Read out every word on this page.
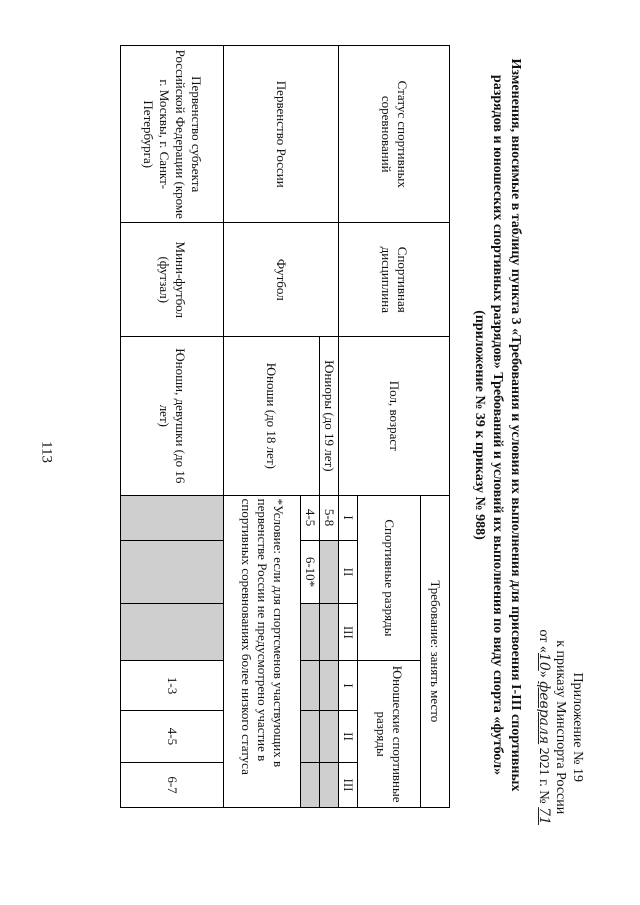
113
Приложение № 19
к приказу Минспорта России
от «10» февраля 2021 г. № 71
Изменения, вносимые в таблицу пункта 3 «Требования и условия их выполнения для присвоения I-III спортивных разрядов и юношеских спортивных разрядов» Требований и условий их выполнения по виду спорта «футбол» (приложение № 39 к приказу № 988)
Статус спортивных соревнований	Спортивная дисциплина	Пол, возраст	Требование: занять место					
			Спортивные разряды			Юношеские спортивные разряды		
			I	II	III	I	II	III
Первенство России	Футбол	Юниоры (до 19 лет)	5-8					
		Юноши (до 18 лет)	4-5	6-10*				
			*Условие: если для спортсменов участвующих в первенстве России не предусмотрено участие в спортивных соревнованиях более низкого статуса					
Первенство субъекта Российской Федерации (кроме г. Москвы, г. Санкт-Петербурга)	Мини-футбол (футзал)	Юноши, девушки (до 16 лет)				1-3	4-5	6-7
